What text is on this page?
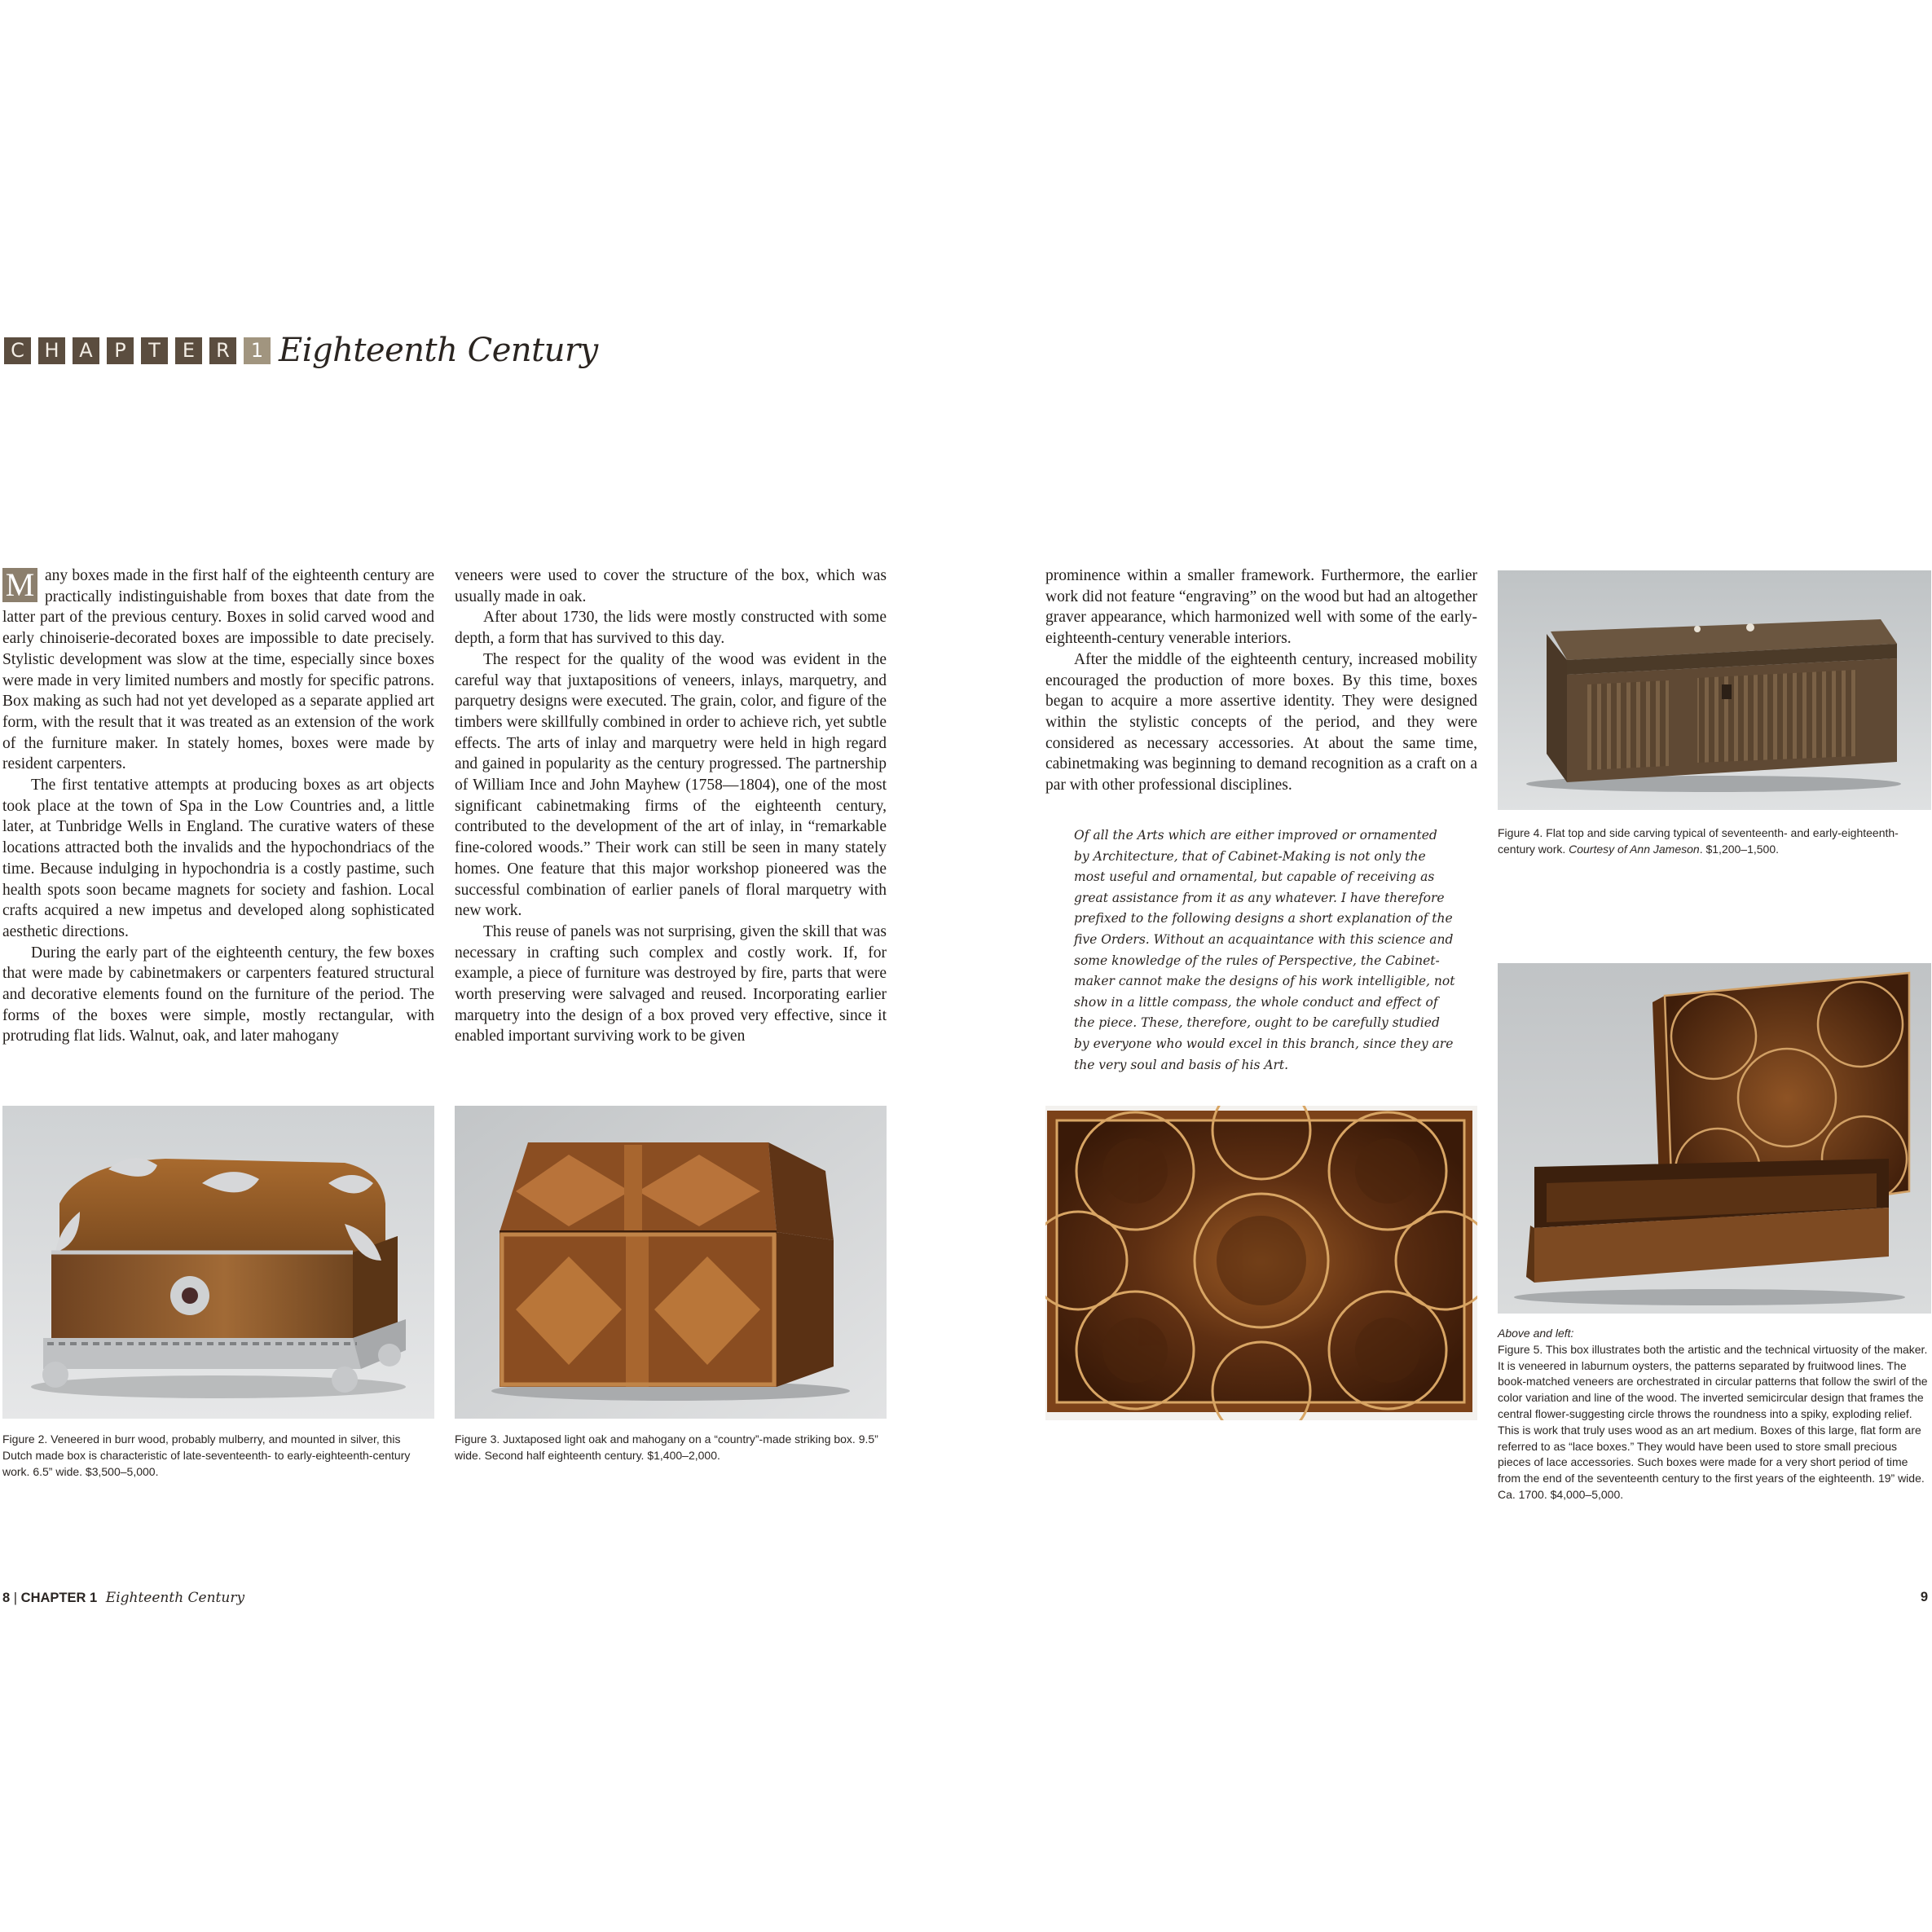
C	H	A	P	T	E	R	1 Eighteenth Century

M any boxes made in the first half of the eighteenth century are practically indistinguishable from boxes that date from the latter part of the previous century. Boxes in solid carved wood and early chinoiserie-decorated boxes are impossible to date precisely. Stylistic development was slow at the time, especially since boxes were made in very limited numbers and mostly for specific patrons. Box making as such had not yet developed as a separate applied art form, with the result that it was treated as an extension of the work of the furniture maker. In stately homes, boxes were made by resident carpenters.

The first tentative attempts at producing boxes as art objects took place at the town of Spa in the Low Countries and, a little later, at Tunbridge Wells in England. The curative waters of these locations attracted both the invalids and the hypochondriacs of the time. Because indulging in hypochondria is a costly pastime, such health spots soon became magnets for society and fashion. Local crafts acquired a new impetus and developed along sophisticated aesthetic directions.

During the early part of the eighteenth century, the few boxes that were made by cabinetmakers or carpenters featured structural and decorative elements found on the furniture of the period. The forms of the boxes were simple, mostly rectangular, with protruding flat lids. Walnut, oak, and later mahogany

veneers were used to cover the structure of the box, which was usually made in oak.

After about 1730, the lids were mostly constructed with some depth, a form that has survived to this day.

The respect for the quality of the wood was evident in the careful way that juxtapositions of veneers, inlays, marquetry, and parquetry designs were executed. The grain, color, and figure of the timbers were skillfully combined in order to achieve rich, yet subtle effects. The arts of inlay and marquetry were held in high regard and gained in popularity as the century progressed. The partnership of William Ince and John Mayhew (1758—1804), one of the most significant cabinetmaking firms of the eighteenth century, contributed to the development of the art of inlay, in “remarkable fine-colored woods.” Their work can still be seen in many stately homes. One feature that this major workshop pioneered was the successful combination of earlier panels of floral marquetry with new work.

This reuse of panels was not surprising, given the skill that was necessary in crafting such complex and costly work. If, for example, a piece of furniture was destroyed by fire, parts that were worth preserving were salvaged and reused. Incorporating earlier marquetry into the design of a box proved very effective, since it enabled important surviving work to be given

prominence within a smaller framework. Furthermore, the earlier work did not feature “engraving” on the wood but had an altogether graver appearance, which harmonized well with some of the early-eighteenth-century venerable interiors.

After the middle of the eighteenth century, increased mobility encouraged the production of more boxes. By this time, boxes began to acquire a more assertive identity. They were designed within the stylistic concepts of the period, and they were considered as necessary accessories. At about the same time, cabinetmaking was beginning to demand recognition as a craft on a par with other professional disciplines.

Of all the Arts which are either improved or ornamented by Architecture, that of Cabinet-Making is not only the most useful and ornamental, but capable of receiving as great assistance from it as any whatever. I have therefore prefixed to the following designs a short explanation of the five Orders. Without an acquaintance with this science and some knowledge of the rules of Perspective, the Cabinet-maker cannot make the designs of his work intelligible, not show in a little compass, the whole conduct and effect of the piece. These, therefore, ought to be carefully studied by everyone who would excel in this branch, since they are the very soul and basis of his Art.
Figure 2. Veneered in burr wood, probably mulberry, and mounted in silver, this Dutch made box is characteristic of late-seventeenth- to early-eighteenth-century work. 6.5” wide. $3,500–5,000.
Figure 3. Juxtaposed light oak and mahogany on a “country”-made striking box. 9.5” wide. Second half eighteenth century. $1,400–2,000.
Figure 4. Flat top and side carving typical of seventeenth- and early-eighteenth-century work. Courtesy of Ann Jameson. $1,200–1,500.
Above and left:
Figure 5. This box illustrates both the artistic and the technical virtuosity of the maker. It is veneered in laburnum oysters, the patterns separated by fruitwood lines. The book-matched veneers are orchestrated in circular patterns that follow the swirl of the color variation and line of the wood. The inverted semicircular design that frames the central flower-suggesting circle throws the roundness into a spiky, exploding relief. This is work that truly uses wood as an art medium. Boxes of this large, flat form are referred to as “lace boxes.” They would have been used to store small precious pieces of lace accessories. Such boxes were made for a very short period of time from the end of the seventeenth century to the first years of the eighteenth. 19” wide. Ca. 1700. $4,000–5,000.
8 | CHAPTER 1 Eighteenth Century	9
